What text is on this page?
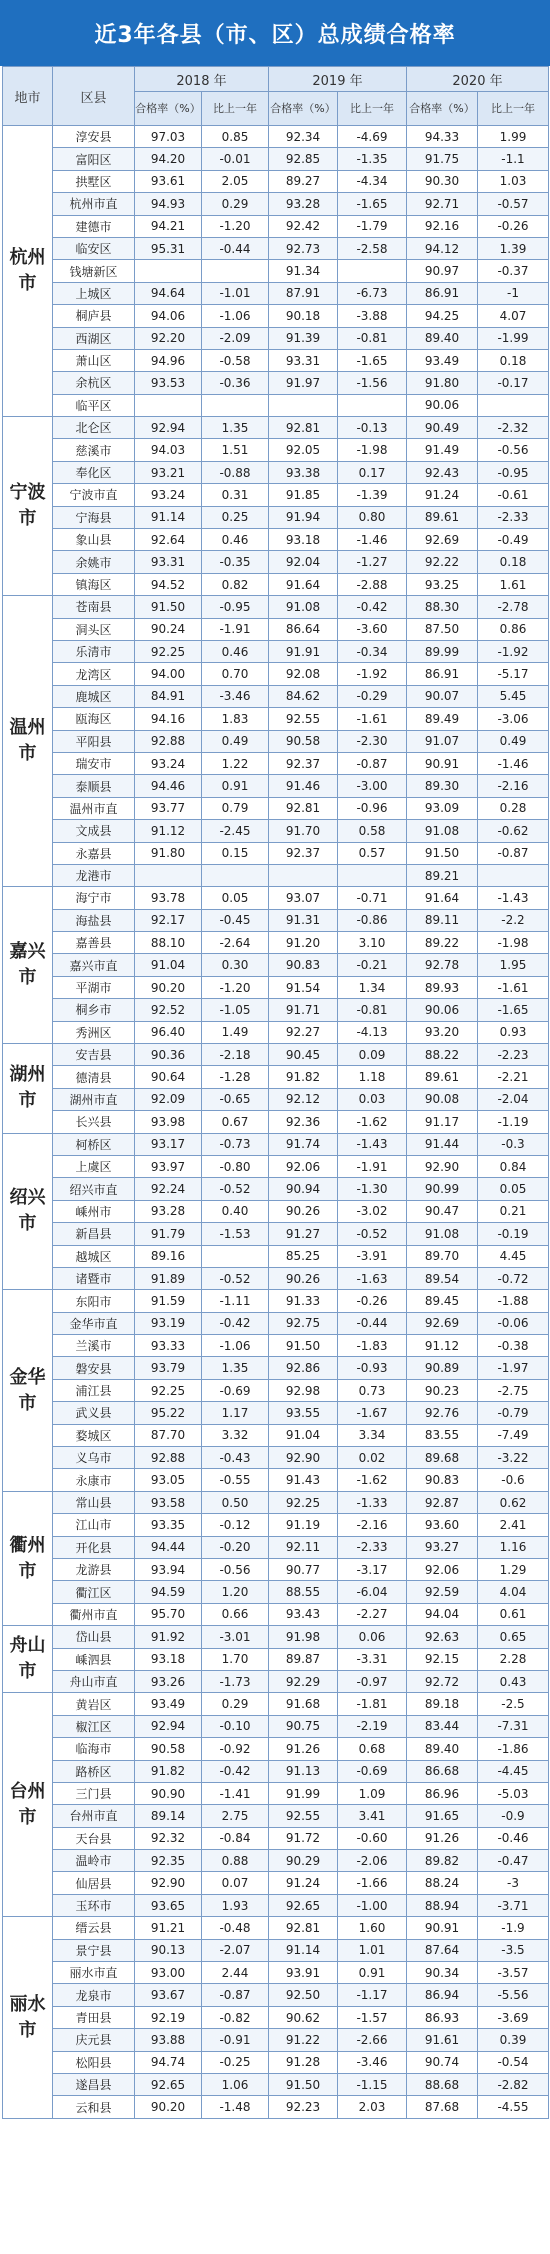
近3年各县（市、区）总成绩合格率
地市	区县	2018 年		2019 年		2020 年	

		合格率（%）	比上一年	合格率（%）	比上一年	合格率（%）	比上一年
杭州市	淳安县	97.03	0.85	92.34	-4.69	94.33	1.99
	富阳区	94.20	-0.01	92.85	-1.35	91.75	-1.1
	拱墅区	93.61	2.05	89.27	-4.34	90.30	1.03
	杭州市直	94.93	0.29	93.28	-1.65	92.71	-0.57
	建德市	94.21	-1.20	92.42	-1.79	92.16	-0.26
	临安区	95.31	-0.44	92.73	-2.58	94.12	1.39
	钱塘新区			91.34		90.97	-0.37
	上城区	94.64	-1.01	87.91	-6.73	86.91	-1
	桐庐县	94.06	-1.06	90.18	-3.88	94.25	4.07
	西湖区	92.20	-2.09	91.39	-0.81	89.40	-1.99
	萧山区	94.96	-0.58	93.31	-1.65	93.49	0.18
	余杭区	93.53	-0.36	91.97	-1.56	91.80	-0.17
	临平区					90.06	
宁波市	北仑区	92.94	1.35	92.81	-0.13	90.49	-2.32
	慈溪市	94.03	1.51	92.05	-1.98	91.49	-0.56
	奉化区	93.21	-0.88	93.38	0.17	92.43	-0.95
	宁波市直	93.24	0.31	91.85	-1.39	91.24	-0.61
	宁海县	91.14	0.25	91.94	0.80	89.61	-2.33
	象山县	92.64	0.46	93.18	-1.46	92.69	-0.49
	余姚市	93.31	-0.35	92.04	-1.27	92.22	0.18
	镇海区	94.52	0.82	91.64	-2.88	93.25	1.61
温州市	苍南县	91.50	-0.95	91.08	-0.42	88.30	-2.78
	洞头区	90.24	-1.91	86.64	-3.60	87.50	0.86
	乐清市	92.25	0.46	91.91	-0.34	89.99	-1.92
	龙湾区	94.00	0.70	92.08	-1.92	86.91	-5.17
	鹿城区	84.91	-3.46	84.62	-0.29	90.07	5.45
	瓯海区	94.16	1.83	92.55	-1.61	89.49	-3.06
	平阳县	92.88	0.49	90.58	-2.30	91.07	0.49
	瑞安市	93.24	1.22	92.37	-0.87	90.91	-1.46
	泰顺县	94.46	0.91	91.46	-3.00	89.30	-2.16
	温州市直	93.77	0.79	92.81	-0.96	93.09	0.28
	文成县	91.12	-2.45	91.70	0.58	91.08	-0.62
	永嘉县	91.80	0.15	92.37	0.57	91.50	-0.87
	龙港市					89.21	
嘉兴市	海宁市	93.78	0.05	93.07	-0.71	91.64	-1.43
	海盐县	92.17	-0.45	91.31	-0.86	89.11	-2.2
	嘉善县	88.10	-2.64	91.20	3.10	89.22	-1.98
	嘉兴市直	91.04	0.30	90.83	-0.21	92.78	1.95
	平湖市	90.20	-1.20	91.54	1.34	89.93	-1.61
	桐乡市	92.52	-1.05	91.71	-0.81	90.06	-1.65
	秀洲区	96.40	1.49	92.27	-4.13	93.20	0.93
湖州市	安吉县	90.36	-2.18	90.45	0.09	88.22	-2.23
	德清县	90.64	-1.28	91.82	1.18	89.61	-2.21
	湖州市直	92.09	-0.65	92.12	0.03	90.08	-2.04
	长兴县	93.98	0.67	92.36	-1.62	91.17	-1.19
绍兴市	柯桥区	93.17	-0.73	91.74	-1.43	91.44	-0.3
	上虞区	93.97	-0.80	92.06	-1.91	92.90	0.84
	绍兴市直	92.24	-0.52	90.94	-1.30	90.99	0.05
	嵊州市	93.28	0.40	90.26	-3.02	90.47	0.21
	新昌县	91.79	-1.53	91.27	-0.52	91.08	-0.19
	越城区	89.16		85.25	-3.91	89.70	4.45
	诸暨市	91.89	-0.52	90.26	-1.63	89.54	-0.72
金华市	东阳市	91.59	-1.11	91.33	-0.26	89.45	-1.88
	金华市直	93.19	-0.42	92.75	-0.44	92.69	-0.06
	兰溪市	93.33	-1.06	91.50	-1.83	91.12	-0.38
	磐安县	93.79	1.35	92.86	-0.93	90.89	-1.97
	浦江县	92.25	-0.69	92.98	0.73	90.23	-2.75
	武义县	95.22	1.17	93.55	-1.67	92.76	-0.79
	婺城区	87.70	3.32	91.04	3.34	83.55	-7.49
	义乌市	92.88	-0.43	92.90	0.02	89.68	-3.22
	永康市	93.05	-0.55	91.43	-1.62	90.83	-0.6
衢州市	常山县	93.58	0.50	92.25	-1.33	92.87	0.62
	江山市	93.35	-0.12	91.19	-2.16	93.60	2.41
	开化县	94.44	-0.20	92.11	-2.33	93.27	1.16
	龙游县	93.94	-0.56	90.77	-3.17	92.06	1.29
	衢江区	94.59	1.20	88.55	-6.04	92.59	4.04
	衢州市直	95.70	0.66	93.43	-2.27	94.04	0.61
舟山市	岱山县	91.92	-3.01	91.98	0.06	92.63	0.65
	嵊泗县	93.18	1.70	89.87	-3.31	92.15	2.28
	舟山市直	93.26	-1.73	92.29	-0.97	92.72	0.43
台州市	黄岩区	93.49	0.29	91.68	-1.81	89.18	-2.5
	椒江区	92.94	-0.10	90.75	-2.19	83.44	-7.31
	临海市	90.58	-0.92	91.26	0.68	89.40	-1.86
	路桥区	91.82	-0.42	91.13	-0.69	86.68	-4.45
	三门县	90.90	-1.41	91.99	1.09	86.96	-5.03
	台州市直	89.14	2.75	92.55	3.41	91.65	-0.9
	天台县	92.32	-0.84	91.72	-0.60	91.26	-0.46
	温岭市	92.35	0.88	90.29	-2.06	89.82	-0.47
	仙居县	92.90	0.07	91.24	-1.66	88.24	-3
	玉环市	93.65	1.93	92.65	-1.00	88.94	-3.71
丽水市	缙云县	91.21	-0.48	92.81	1.60	90.91	-1.9
	景宁县	90.13	-2.07	91.14	1.01	87.64	-3.5
	丽水市直	93.00	2.44	93.91	0.91	90.34	-3.57
	龙泉市	93.67	-0.87	92.50	-1.17	86.94	-5.56
	青田县	92.19	-0.82	90.62	-1.57	86.93	-3.69
	庆元县	93.88	-0.91	91.22	-2.66	91.61	0.39
	松阳县	94.74	-0.25	91.28	-3.46	90.74	-0.54
	遂昌县	92.65	1.06	91.50	-1.15	88.68	-2.82
	云和县	90.20	-1.48	92.23	2.03	87.68	-4.55
